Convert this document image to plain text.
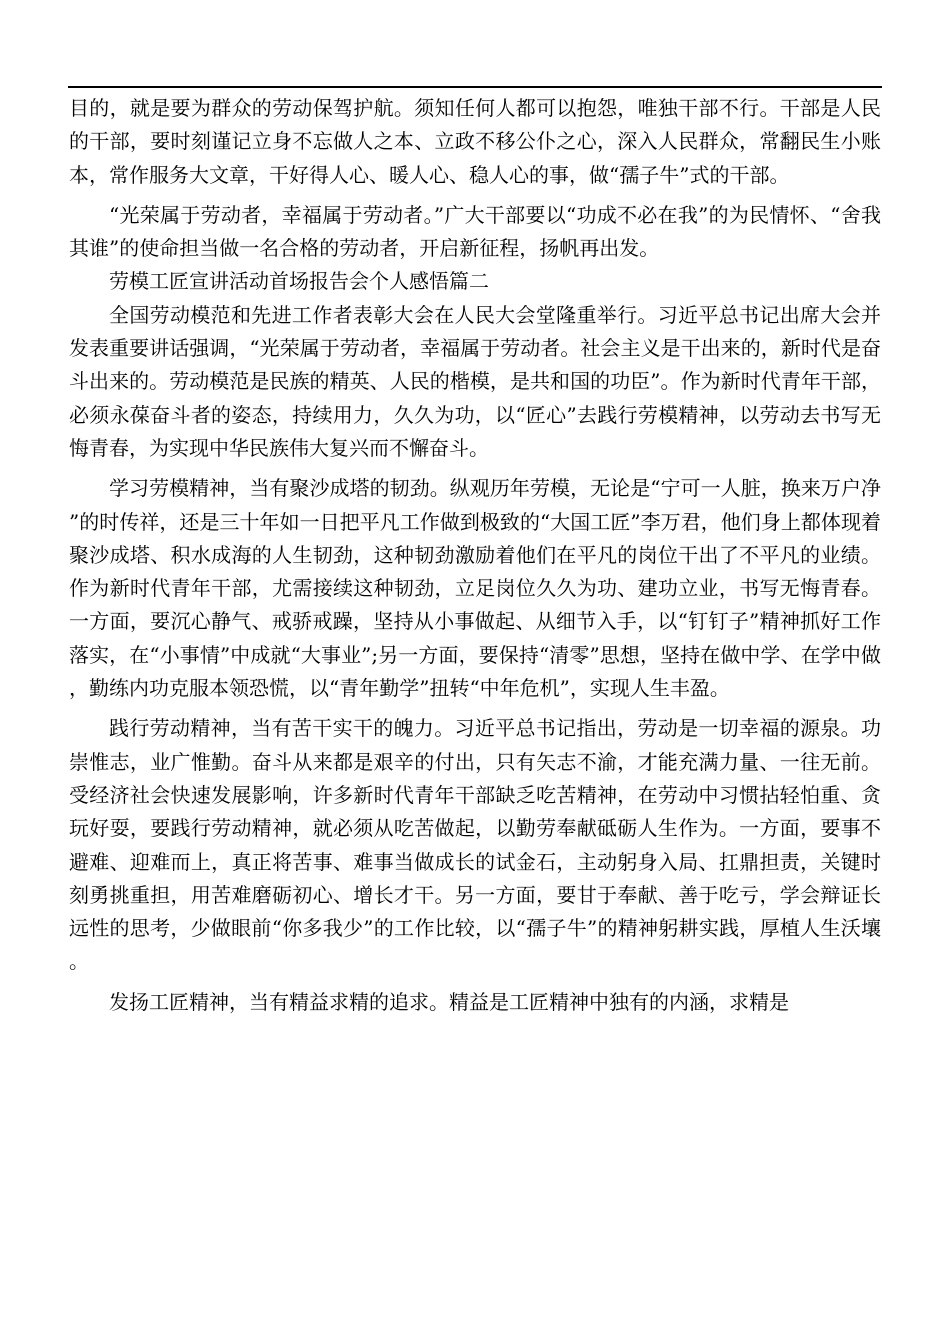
目的，就是要为群众的劳动保驾护航。须知任何人都可以抱怨，唯独干部不行。干部是人民的干部，要时刻谨记立身不忘做人之本、立政不移公仆之心，深入人民群众，常翻民生小账本，常作服务大文章，干好得人心、暖人心、稳人心的事，做“孺子牛”式的干部。

“光荣属于劳动者，幸福属于劳动者。”广大干部要以“功成不必在我”的为民情怀、“舍我其谁”的使命担当做一名合格的劳动者，开启新征程，扬帆再出发。

劳模工匠宣讲活动首场报告会个人感悟篇二

全国劳动模范和先进工作者表彰大会在人民大会堂隆重举行。习近平总书记出席大会并发表重要讲话强调，“光荣属于劳动者，幸福属于劳动者。社会主义是干出来的，新时代是奋斗出来的。劳动模范是民族的精英、人民的楷模，是共和国的功臣”。作为新时代青年干部，必须永葆奋斗者的姿态，持续用力，久久为功，以“匠心”去践行劳模精神，以劳动去书写无悔青春，为实现中华民族伟大复兴而不懈奋斗。

学习劳模精神，当有聚沙成塔的韧劲。纵观历年劳模，无论是“宁可一人脏，换来万户净”的时传祥，还是三十年如一日把平凡工作做到极致的“大国工匠”李万君，他们身上都体现着聚沙成塔、积水成海的人生韧劲，这种韧劲激励着他们在平凡的岗位干出了不平凡的业绩。作为新时代青年干部，尤需接续这种韧劲，立足岗位久久为功、建功立业，书写无悔青春。一方面，要沉心静气、戒骄戒躁，坚持从小事做起、从细节入手，以“钉钉子”精神抓好工作落实，在“小事情”中成就“大事业”;另一方面，要保持“清零”思想，坚持在做中学、在学中做，勤练内功克服本领恐慌，以“青年勤学”扭转“中年危机”，实现人生丰盈。

践行劳动精神，当有苦干实干的魄力。习近平总书记指出，劳动是一切幸福的源泉。功崇惟志，业广惟勤。奋斗从来都是艰辛的付出，只有矢志不渝，才能充满力量、一往无前。受经济社会快速发展影响，许多新时代青年干部缺乏吃苦精神，在劳动中习惯拈轻怕重、贪玩好耍，要践行劳动精神，就必须从吃苦做起，以勤劳奉献砥砺人生作为。一方面，要事不避难、迎难而上，真正将苦事、难事当做成长的试金石，主动躬身入局、扛鼎担责，关键时刻勇挑重担，用苦难磨砺初心、增长才干。另一方面，要甘于奉献、善于吃亏，学会辩证长远性的思考，少做眼前“你多我少”的工作比较，以“孺子牛”的精神躬耕实践，厚植人生沃壤。

发扬工匠精神，当有精益求精的追求。精益是工匠精神中独有的内涵，求精是
